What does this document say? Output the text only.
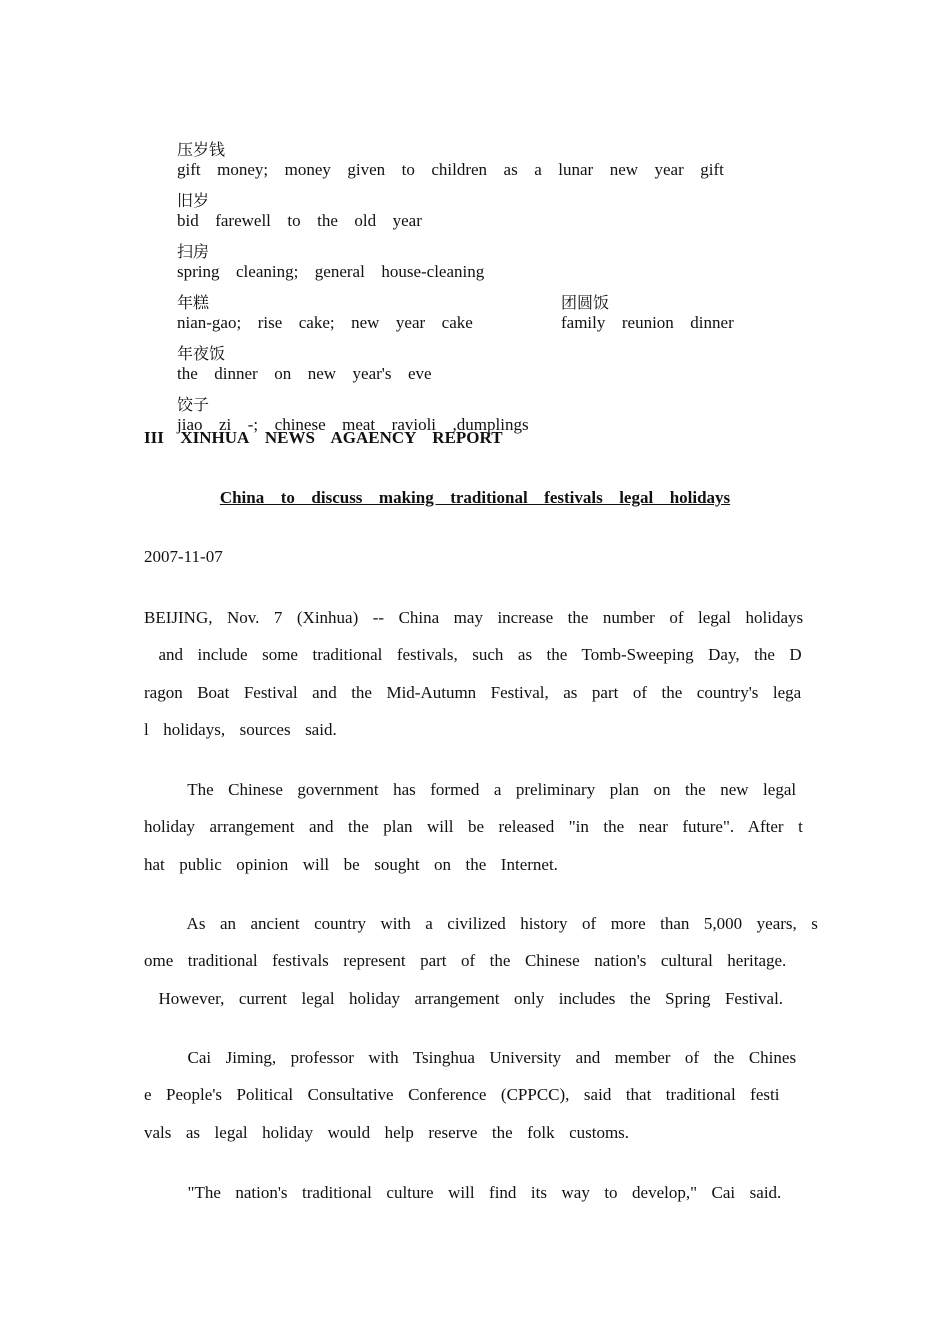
压岁钱
gift  money;  money  given  to  children  as  a  lunar  new  year  gift

旧岁
bid  farewell  to  the  old  year

扫房
spring  cleaning;  general  house-cleaning

年糕
nian-gao;  rise  cake;  new  year  cake

团圆饭
family  reunion  dinner

年夜饭
the  dinner  on  new  year's  eve

饺子
jiao  zi  -;  chinese  meat  ravioli  ,dumplings

III  XINHUA  NEWS  AGAENCY  REPORT
China  to  discuss  making  traditional  festivals  legal  holidays
2007-11-07
BEIJING,  Nov.  7  (Xinhua)  --  China  may  increase  the  number  of  legal  holidays
and  include  some  traditional  festivals,  such  as  the  Tomb-Sweeping  Day,  the  D
ragon  Boat  Festival  and  the  Mid-Autumn  Festival,  as  part  of  the  country's  lega
l  holidays,  sources  said.
The  Chinese  government  has  formed  a  preliminary  plan  on  the  new  legal
holiday  arrangement  and  the  plan  will  be  released  "in  the  near  future".  After  t
hat  public  opinion  will  be  sought  on  the  Internet.
As  an  ancient  country  with  a  civilized  history  of  more  than  5,000  years,  s
ome  traditional  festivals  represent  part  of  the  Chinese  nation's  cultural  heritage.
However,  current  legal  holiday  arrangement  only  includes  the  Spring  Festival.
Cai  Jiming,  professor  with  Tsinghua  University  and  member  of  the  Chines
e  People's  Political  Consultative  Conference  (CPPCC),  said  that  traditional  festi
vals  as  legal  holiday  would  help  reserve  the  folk  customs.
"The  nation's  traditional  culture  will  find  its  way  to  develop,"  Cai  said.
